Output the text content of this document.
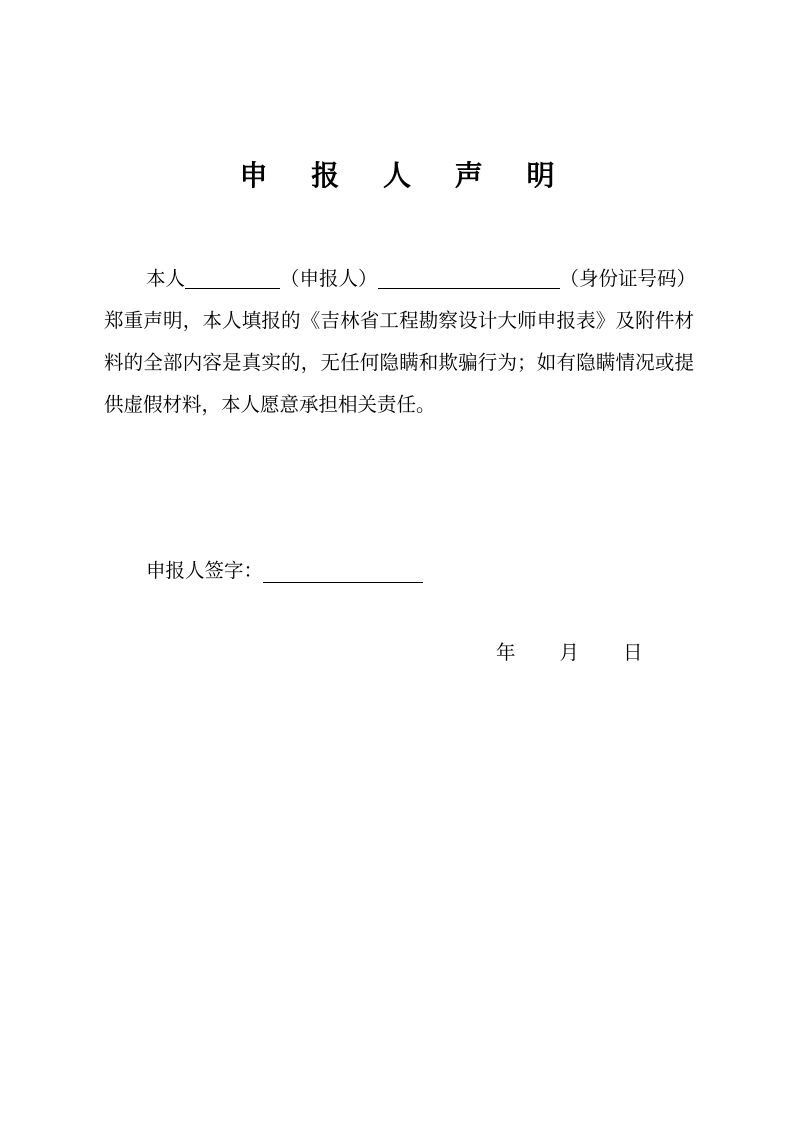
申 报 人 声 明
本人	（申报人）	（身份证号码）
郑重声明，本人填报的《吉林省工程勘察设计大师申报表》及附件材料的全部内容是真实的，无任何隐瞒和欺骗行为；如有隐瞒情况或提供虚假材料，本人愿意承担相关责任。
申报人签字：
年 月 日
